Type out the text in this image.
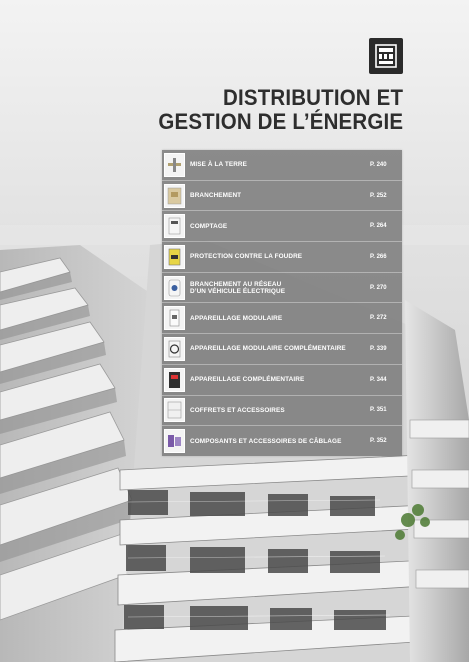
DISTRIBUTION ET
GESTION DE L’ÉNERGIE
MISE À LA TERRE	P. 240
BRANCHEMENT	P. 252
COMPTAGE	P. 264
PROTECTION CONTRE LA FOUDRE	P. 266
BRANCHEMENT AU RÉSEAU
D’UN VÉHICULE ÉLECTRIQUE	P. 270
APPAREILLAGE MODULAIRE	P. 272
APPAREILLAGE MODULAIRE COMPLÉMENTAIRE	P. 339
APPAREILLAGE COMPLÉMENTAIRE	P. 344
COFFRETS ET ACCESSOIRES	P. 351
COMPOSANTS ET ACCESSOIRES DE CÂBLAGE	P. 352
